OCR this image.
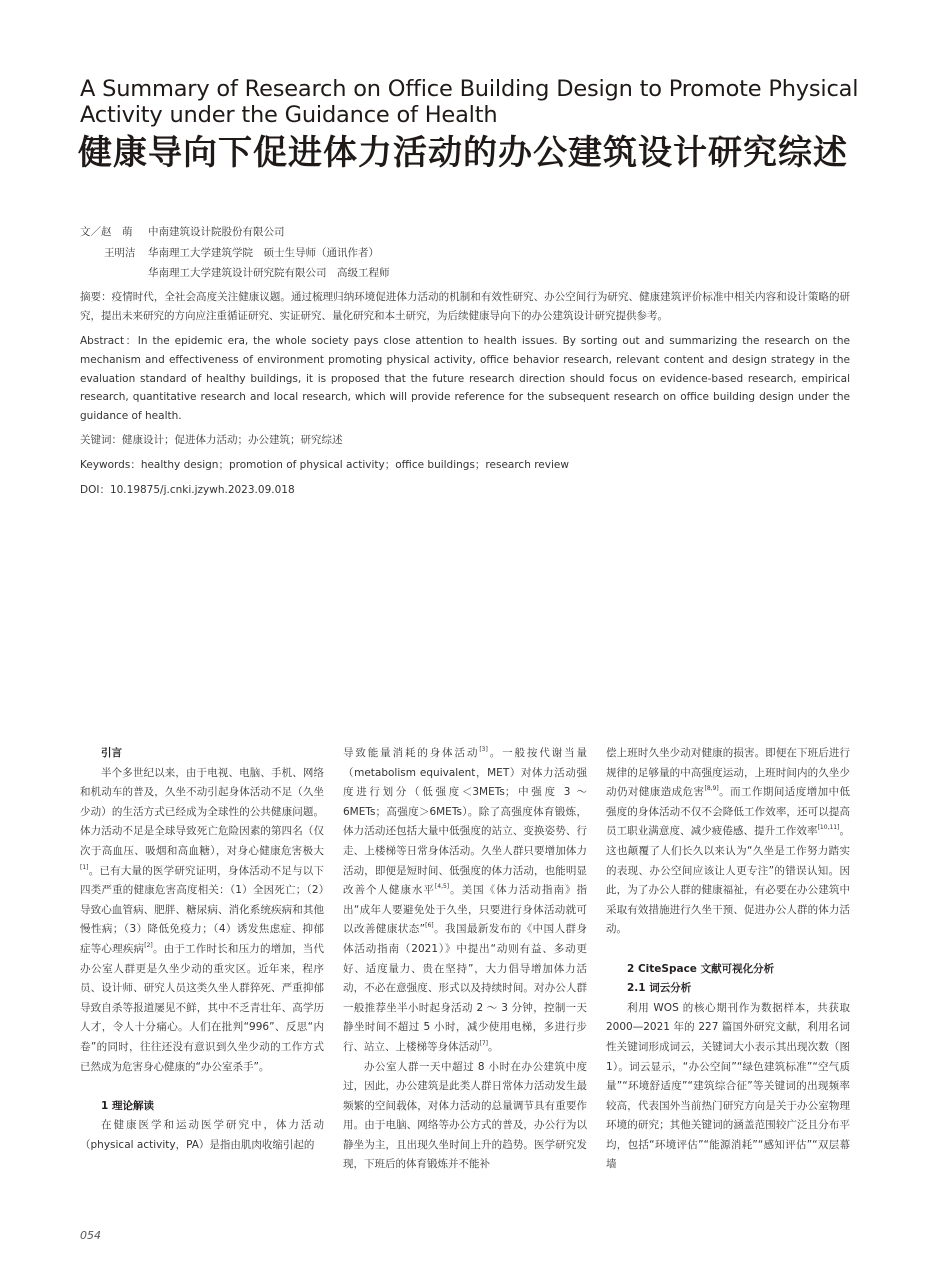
A Summary of Research on Office Building Design to Promote Physical Activity under the Guidance of Health
健康导向下促进体力活动的办公建筑设计研究综述
文／赵　萌	中南建筑设计院股份有限公司
王明洁	华南理工大学建筑学院　硕士生导师（通讯作者）
华南理工大学建筑设计研究院有限公司　高级工程师
摘要：疫情时代，全社会高度关注健康议题。通过梳理归纳环境促进体力活动的机制和有效性研究、办公空间行为研究、健康建筑评价标准中相关内容和设计策略的研究，提出未来研究的方向应注重循证研究、实证研究、量化研究和本土研究，为后续健康导向下的办公建筑设计研究提供参考。
Abstract：In the epidemic era, the whole society pays close attention to health issues. By sorting out and summarizing the research on the mechanism and effectiveness of environment promoting physical activity, office behavior research, relevant content and design strategy in the evaluation standard of healthy buildings, it is proposed that the future research direction should focus on evidence-based research, empirical research, quantitative research and local research, which will provide reference for the subsequent research on office building design under the guidance of health.
关键词：健康设计；促进体力活动；办公建筑；研究综述
Keywords：healthy design；promotion of physical activity；office buildings；research review
DOI：10.19875/j.cnki.jzywh.2023.09.018
引言

半个多世纪以来，由于电视、电脑、手机、网络和机动车的普及，久坐不动引起身体活动不足（久坐少动）的生活方式已经成为全球性的公共健康问题。体力活动不足是全球导致死亡危险因素的第四名（仅次于高血压、吸烟和高血糖），对身心健康危害极大[1]。已有大量的医学研究证明，身体活动不足与以下四类严重的健康危害高度相关：（1）全因死亡；（2）导致心血管病、肥胖、糖尿病、消化系统疾病和其他慢性病；（3）降低免疫力；（4）诱发焦虑症、抑郁症等心理疾病[2]。由于工作时长和压力的增加，当代办公室人群更是久坐少动的重灾区。近年来，程序员、设计师、研究人员这类久坐人群猝死、严重抑郁导致自杀等报道屡见不鲜，其中不乏青壮年、高学历人才，令人十分痛心。人们在批判“996”、反思“内卷”的同时，往往还没有意识到久坐少动的工作方式已然成为危害身心健康的“办公室杀手”。

1 理论解读

在健康医学和运动医学研究中，体力活动（physical activity，PA）是指由肌肉收缩引起的

导致能量消耗的身体活动[3]。一般按代谢当量（metabolism equivalent，MET）对体力活动强度进行划分（低强度＜3METs；中强度 3 ～ 6METs；高强度＞6METs）。除了高强度体育锻炼，体力活动还包括大量中低强度的站立、变换姿势、行走、上楼梯等日常身体活动。久坐人群只要增加体力活动，即便是短时间、低强度的体力活动，也能明显改善个人健康水平[4,5]。美国《体力活动指南》指出“成年人要避免处于久坐，只要进行身体活动就可以改善健康状态”[6]。我国最新发布的《中国人群身体活动指南（2021）》中提出“动则有益、多动更好、适度量力、贵在坚持”，大力倡导增加体力活动，不必在意强度、形式以及持续时间。对办公人群一般推荐坐半小时起身活动 2 ～ 3 分钟，控制一天静坐时间不超过 5 小时，减少使用电梯，多进行步行、站立、上楼梯等身体活动[7]。

办公室人群一天中超过 8 小时在办公建筑中度过，因此，办公建筑是此类人群日常体力活动发生最频繁的空间载体，对体力活动的总量调节具有重要作用。由于电脑、网络等办公方式的普及，办公行为以静坐为主，且出现久坐时间上升的趋势。医学研究发现，下班后的体育锻炼并不能补

偿上班时久坐少动对健康的损害。即便在下班后进行规律的足够量的中高强度运动，上班时间内的久坐少动仍对健康造成危害[8,9]。而工作期间适度增加中低强度的身体活动不仅不会降低工作效率，还可以提高员工职业满意度、减少疲倦感、提升工作效率[10,11]。这也颠覆了人们长久以来认为“久坐是工作努力踏实的表现、办公空间应该让人更专注”的错误认知。因此，为了办公人群的健康福祉，有必要在办公建筑中采取有效措施进行久坐干预、促进办公人群的体力活动。

2 CiteSpace 文献可视化分析
2.1 词云分析

利用 WOS 的核心期刊作为数据样本，共获取 2000—2021 年的 227 篇国外研究文献，利用名词性关键词形成词云，关键词大小表示其出现次数（图 1）。词云显示，“办公空间”“绿色建筑标准”“空气质量”“环境舒适度”“建筑综合征”等关键词的出现频率较高，代表国外当前热门研究方向是关于办公室物理环境的研究；其他关键词的涵盖范围较广泛且分布平均，包括“环境评估”“能源消耗”“感知评估”“双层幕墙

054
